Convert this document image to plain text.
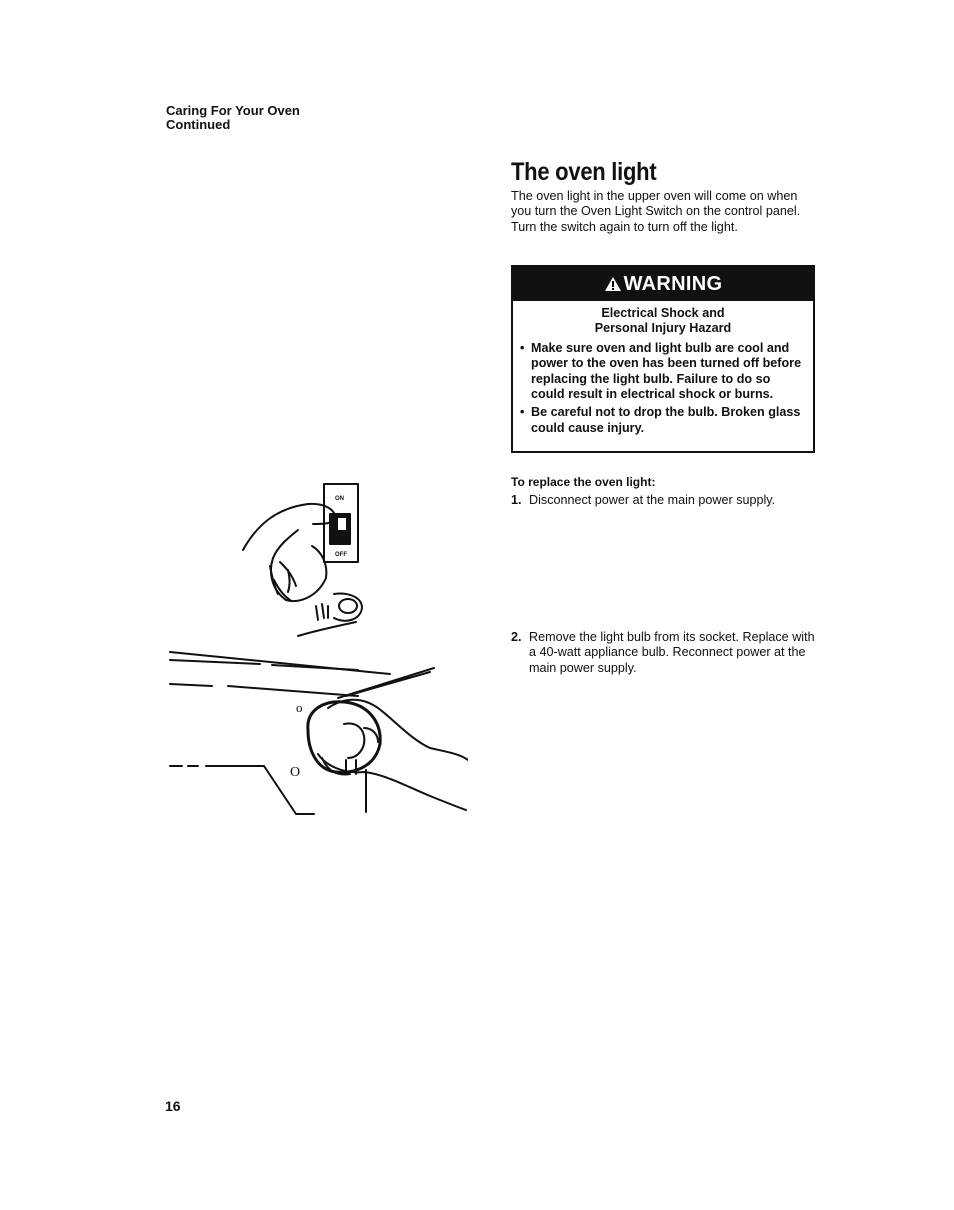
Caring For Your Oven
Continued
The oven light

The oven light in the upper oven will come on when you turn the Oven Light Switch on the control panel. Turn the switch again to turn off the light.

WARNING
Electrical Shock and
Personal Injury Hazard
• Make sure oven and light bulb are cool and power to the oven has been turned off before replacing the light bulb. Failure to do so could result in electrical shock or burns.
• Be careful not to drop the bulb. Broken glass could cause injury.
To replace the oven light:
1. Disconnect power at the main power supply.
2. Remove the light bulb from its socket. Replace with a 40-watt appliance bulb. Reconnect power at the main power supply.
ON
OFF
o
O
16
